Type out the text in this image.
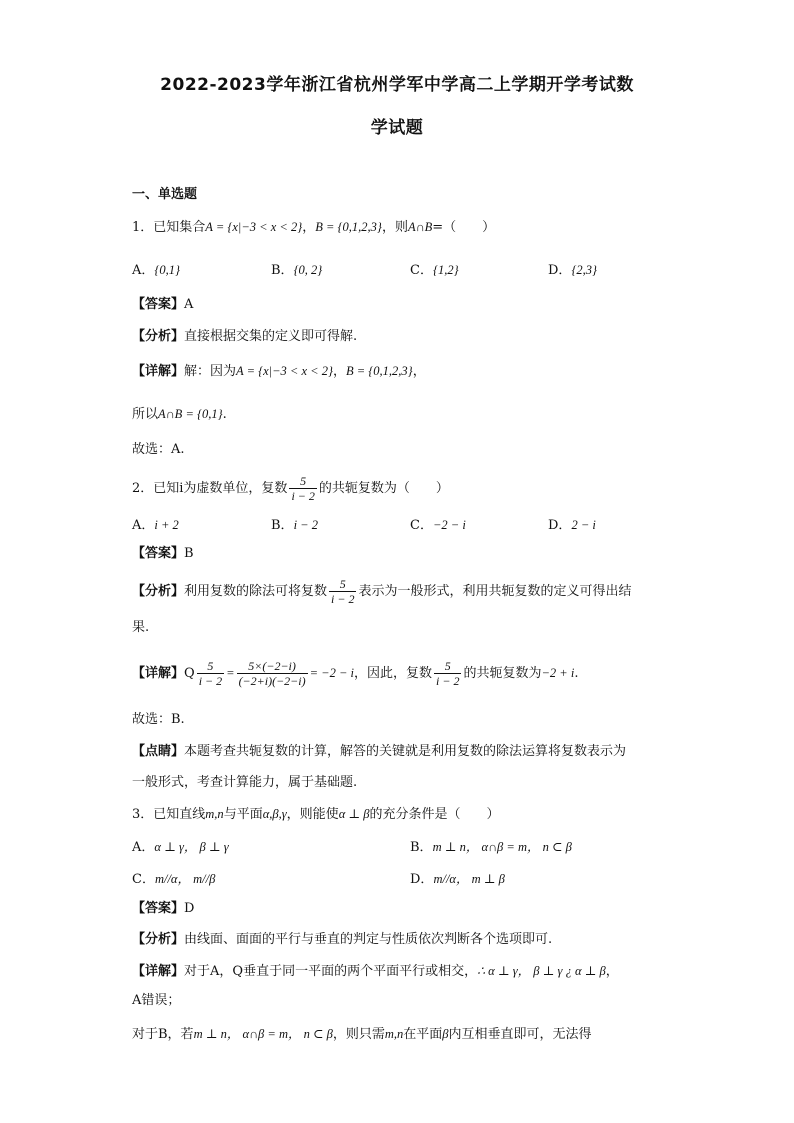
2022-2023学年浙江省杭州学军中学高二上学期开学考试数
学试题
一、单选题
1．已知集合A = {x|−3 < x < 2}，B = {0,1,2,3}，则A∩B=（　　）
A．{0,1}	B．{0, 2}	C．{1,2}	D．{2,3}
【答案】A
【分析】直接根据交集的定义即可得解.
【详解】解：因为A = {x|−3 < x < 2}，B = {0,1,2,3}，
所以A∩B = {0,1}.
故选：A.
2．已知i为虚数单位，复数 $\frac{5}{i - 2}$ 的共轭复数为（　　）
A．i + 2	B．i − 2	C．−2 − i	D．2 − i
【答案】B
【分析】利用复数的除法可将复数 $\frac{5}{i - 2}$ 表示为一般形式，利用共轭复数的定义可得出结
果.
【详解】Q $\frac{5}{i - 2} = \frac{5\times(-2-i)}{(-2+i)(-2-i)} = -2 - i$，因此，复数 $\frac{5}{i - 2}$ 的共轭复数为−2 + i.
故选：B.
【点睛】本题考查共轭复数的计算，解答的关键就是利用复数的除法运算将复数表示为
一般形式，考查计算能力，属于基础题.
3．已知直线m,n与平面α,β,γ，则能使α ⊥ β的充分条件是（　　）
A．α ⊥ γ， β ⊥ γ	B．m ⊥ n， α∩β = m， n ⊂ β
C．m//α， m//β	D．m//α， m ⊥ β
【答案】D
【分析】由线面、面面的平行与垂直的判定与性质依次判断各个选项即可.
【详解】对于A，Q垂直于同一平面的两个平面平行或相交，∴ α ⊥ γ， β ⊥ γ ¿ α ⊥ β，
A错误；
对于B，若m ⊥ n， α∩β = m， n ⊂ β，则只需m,n在平面β内互相垂直即可，无法得
